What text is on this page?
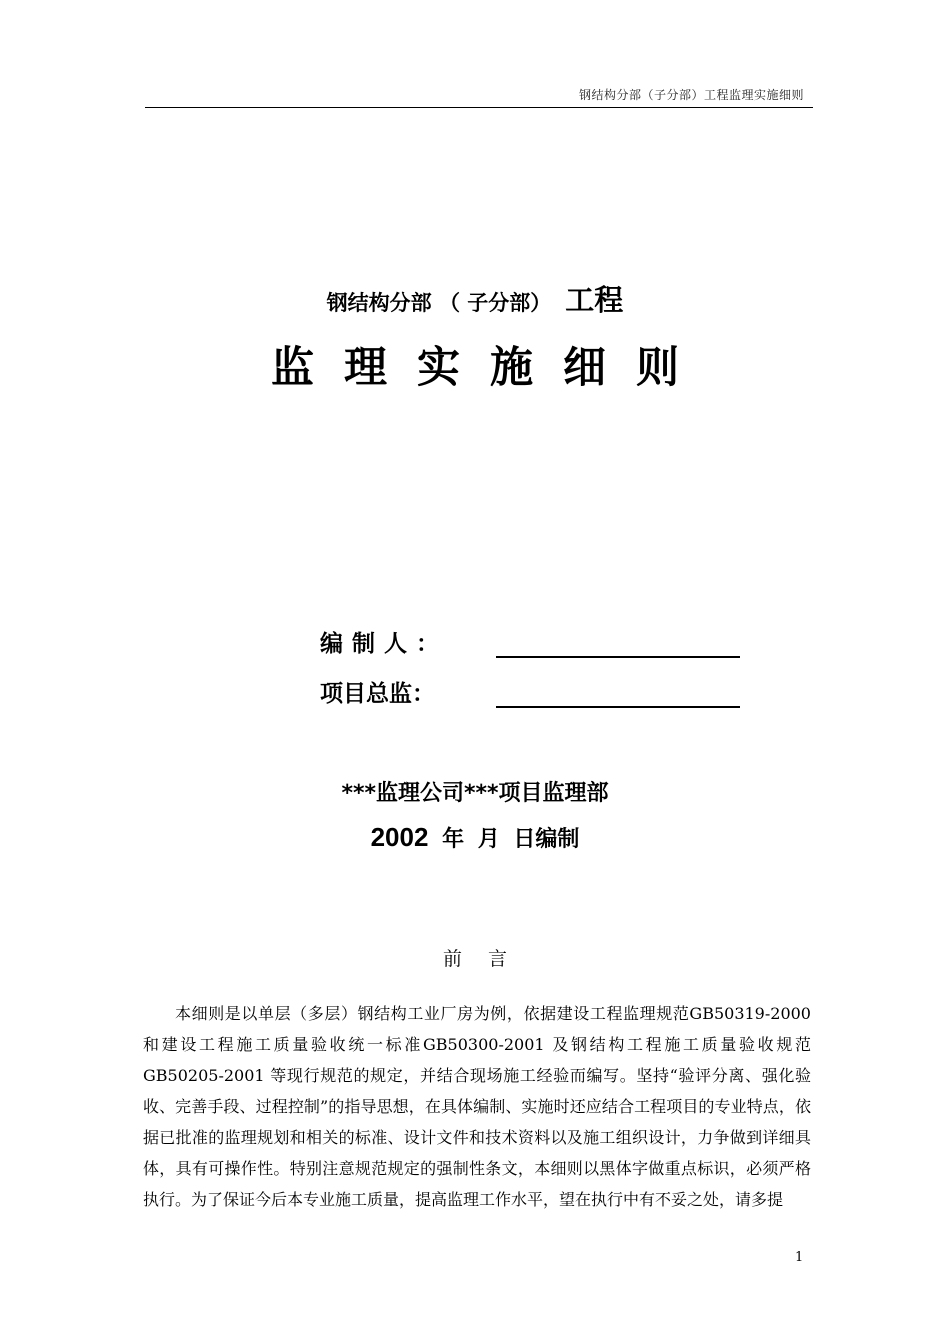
钢结构分部（子分部）工程监理实施细则
钢结构分部 （ 子分部） 工程
监理实施细则
编制人：
项目总监：
***监理公司***项目监理部
2002 年 月 日编制
前言

本细则是以单层（多层）钢结构工业厂房为例，依据建设工程监理规范GB50319-2000 和建设工程施工质量验收统一标准GB50300-2001 及钢结构工程施工质量验收规范GB50205-2001 等现行规范的规定，并结合现场施工经验而编写。坚持“验评分离、强化验收、完善手段、过程控制”的指导思想，在具体编制、实施时还应结合工程项目的专业特点，依据已批准的监理规划和相关的标准、设计文件和技术资料以及施工组织设计，力争做到详细具体，具有可操作性。特别注意规范规定的强制性条文，本细则以黑体字做重点标识，必须严格执行。为了保证今后本专业施工质量，提高监理工作水平，望在执行中有不妥之处，请多提

1
